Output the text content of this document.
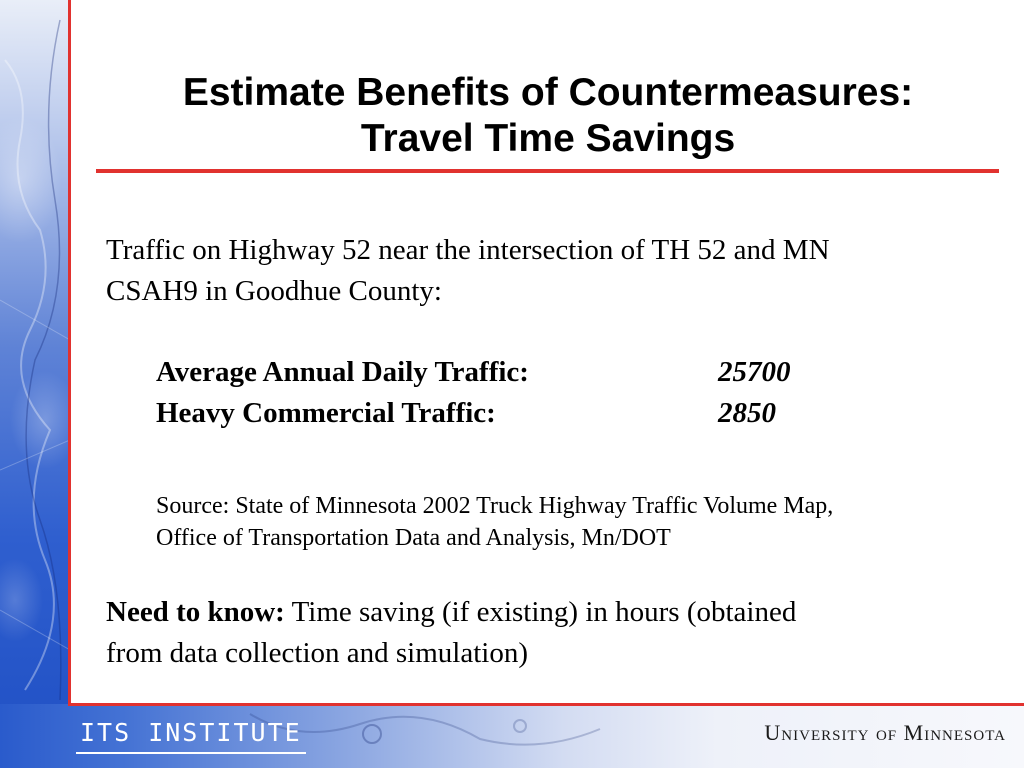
Estimate Benefits of Countermeasures:
Travel Time Savings
Traffic on Highway 52 near the intersection of TH 52 and MN
CSAH9 in Goodhue County:
Average Annual Daily Traffic:	25700
Heavy Commercial Traffic:	2850
Source: State of Minnesota 2002 Truck Highway Traffic Volume Map,
Office of Transportation Data and Analysis, Mn/DOT
Need to know: Time saving (if existing) in hours (obtained
from data collection and simulation)
ITS INSTITUTE	University of Minnesota
